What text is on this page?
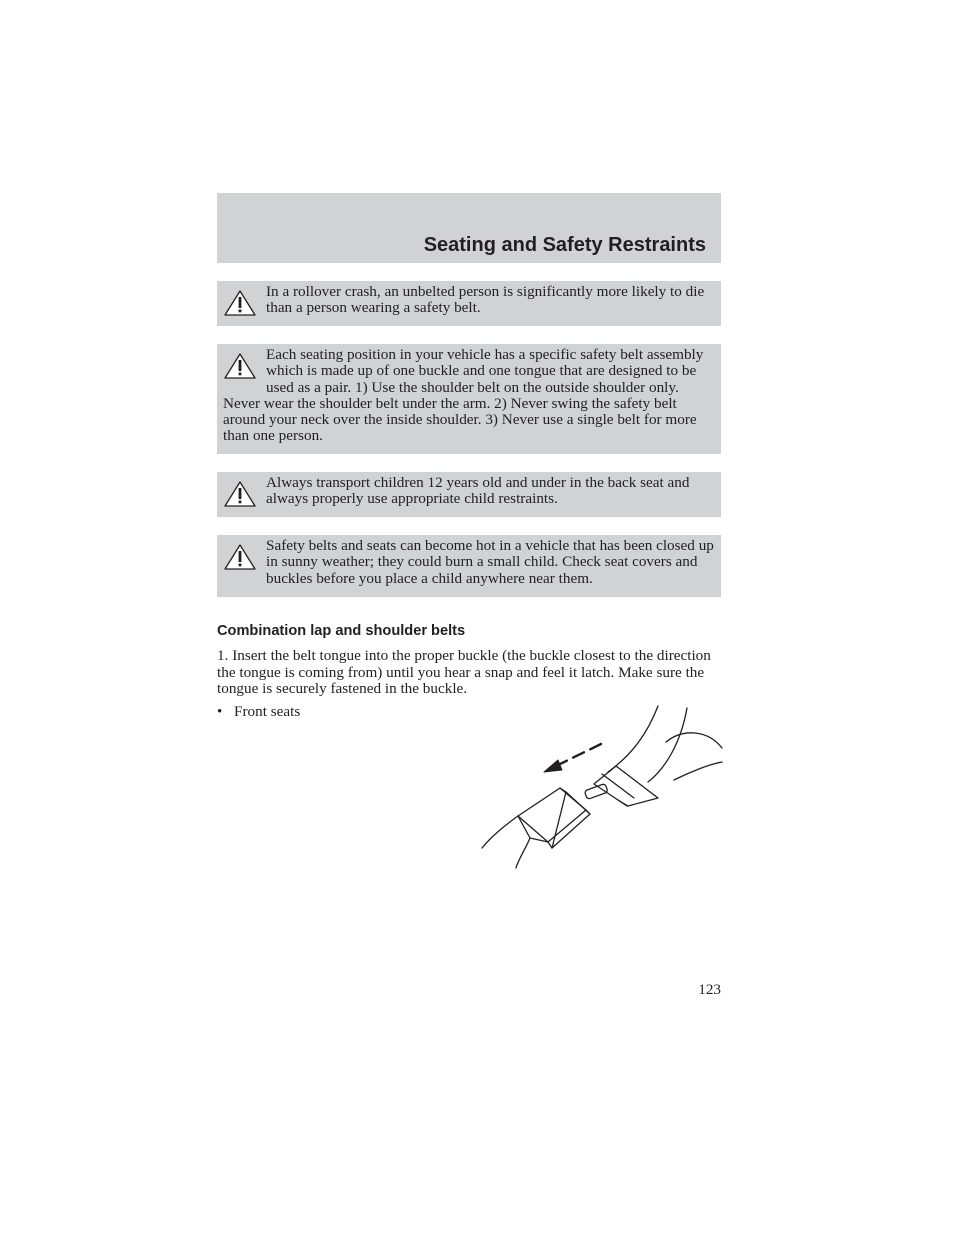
Seating and Safety Restraints
In a rollover crash, an unbelted person is significantly more likely to die than a person wearing a safety belt.
Each seating position in your vehicle has a specific safety belt assembly which is made up of one buckle and one tongue that are designed to be used as a pair. 1) Use the shoulder belt on the outside shoulder only. Never wear the shoulder belt under the arm. 2) Never swing the safety belt around your neck over the inside shoulder. 3) Never use a single belt for more than one person.
Always transport children 12 years old and under in the back seat and always properly use appropriate child restraints.
Safety belts and seats can become hot in a vehicle that has been closed up in sunny weather; they could burn a small child. Check seat covers and buckles before you place a child anywhere near them.
Combination lap and shoulder belts
1. Insert the belt tongue into the proper buckle (the buckle closest to the direction the tongue is coming from) until you hear a snap and feel it latch. Make sure the tongue is securely fastened in the buckle.
• Front seats
123
